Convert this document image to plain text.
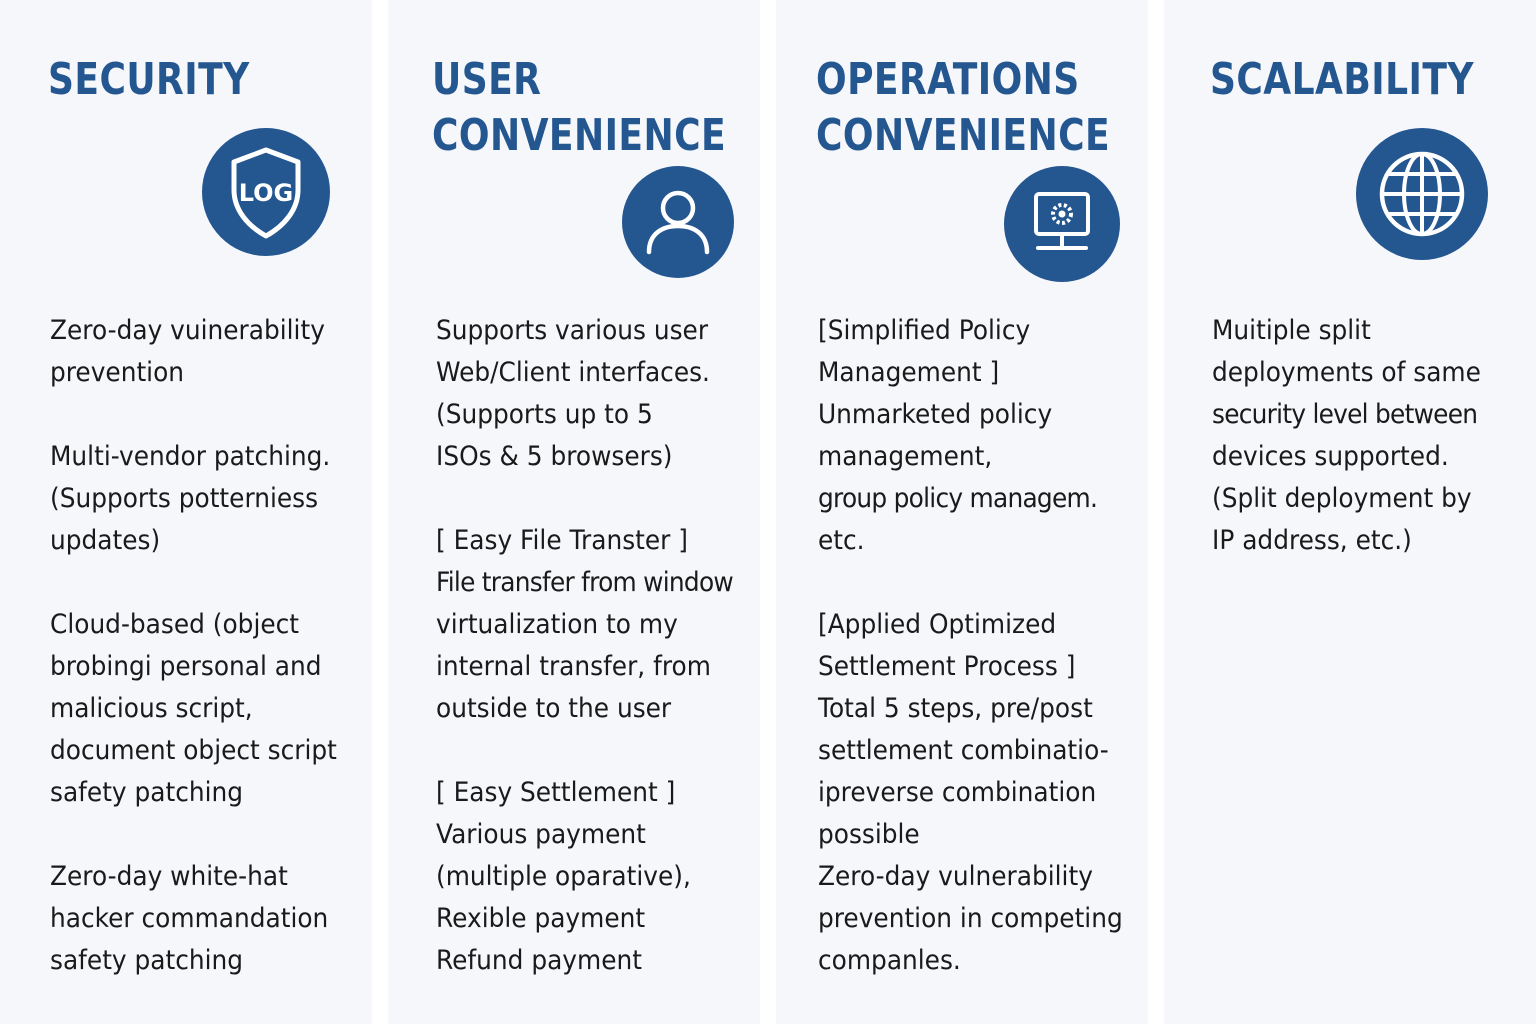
SECURITY
LOG
Zero-day vuinerability
prevention
Multi-vendor patching.
(Supports potterniess
updates)
Cloud-based (object
brobingi personal and
malicious script,
document object script
safety patching
Zero-day white-hat
hacker commandation
safety patching
USER
CONVENIENCE
Supports various user
Web/Client interfaces.
(Supports up to 5
ISOs & 5 browsers)
[ Easy File Transter ]
File transfer from window
virtualization to my
internal transfer, from
outside to the user
[ Easy Settlement ]
Various payment
(multiple oparative),
Rexible payment
Refund payment
OPERATIONS
CONVENIENCE
[Simplified Policy
Management ]
Unmarketed policy
management,
group policy managem.
etc.
[Applied Optimized
Settlement Process ]
Total 5 steps, pre/post
settlement combinatio-
ipreverse combination
possible
Zero-day vulnerability
prevention in competing
companles.
SCALABILITY
Muitiple split
deployments of same
security level between
devices supported.
(Split deployment by
IP address, etc.)
